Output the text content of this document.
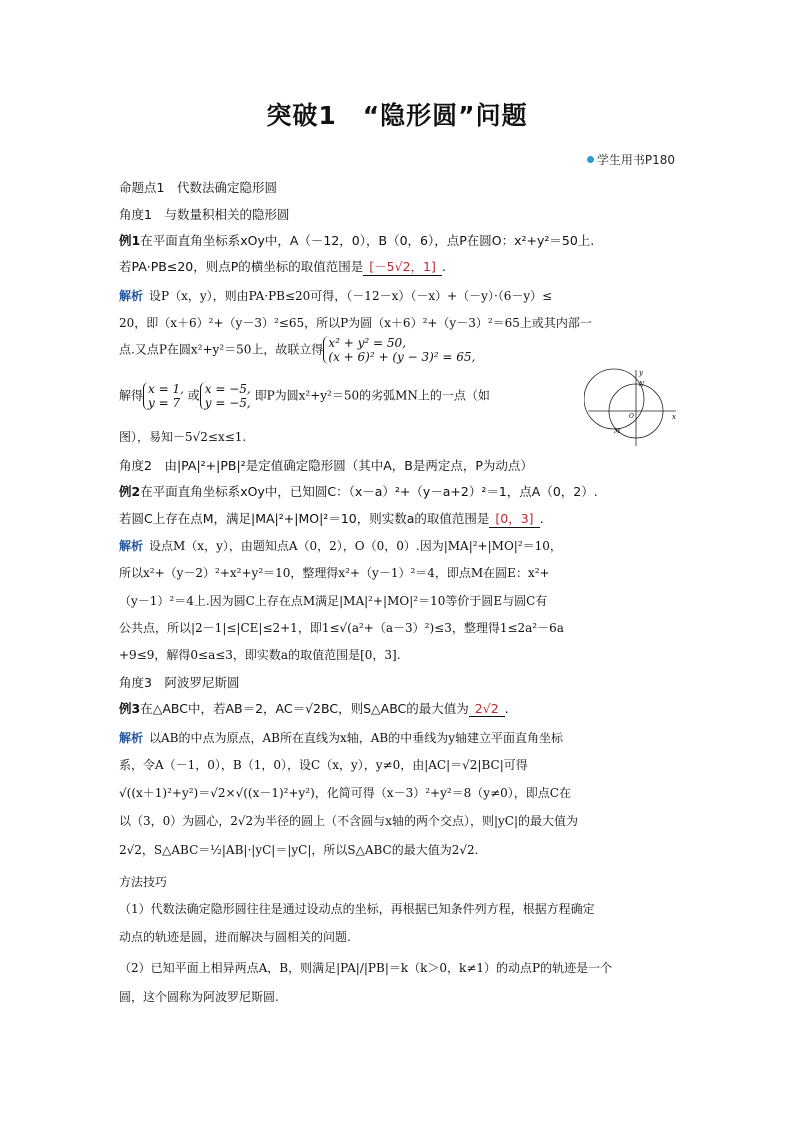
突破1　“隐形圆”问题
学生用书P180
命题点1　代数法确定隐形圆
角度1　与数量积相关的隐形圆
例1在平面直角坐标系xOy中，A（－12，0），B（0，6），点P在圆O：x²+y²＝50上.
若PA·PB≤20，则点P的横坐标的取值范围是 [－5√2，1] .
解析 设P（x，y），则由PA·PB≤20可得，（－12－x）（－x）+（－y）·（6－y）≤
20，即（x＋6）²+（y－3）²≤65，所以P为圆（x＋6）²+（y－3）²＝65上或其内部一
点.又点P在圆x²+y²＝50上，故联立得 x² + y² = 50,
(x + 6)² + (y − 3)² = 65,
解得 x = 1,
y = 7 或 x = −5,
y = −5, 即P为圆x²+y²＝50的劣弧MN上的一点（如
图），易知－5√2≤x≤1.
y
x
N
O
M
角度2　由|PA|²+|PB|²是定值确定隐形圆（其中A，B是两定点，P为动点）
例2在平面直角坐标系xOy中，已知圆C：（x－a）²+（y－a+2）²＝1，点A（0，2）.
若圆C上存在点M，满足|MA|²+|MO|²＝10，则实数a的取值范围是 [0，3] .
解析 设点M（x，y），由题知点A（0，2），O（0，0）.因为|MA|²+|MO|²＝10，
所以x²+（y－2）²+x²+y²＝10，整理得x²+（y－1）²＝4，即点M在圆E：x²+
（y－1）²＝4上.因为圆C上存在点M满足|MA|²+|MO|²＝10等价于圆E与圆C有
公共点，所以|2－1|≤|CE|≤2+1，即1≤√(a²+（a－3）²)≤3，整理得1≤2a²－6a
+9≤9，解得0≤a≤3，即实数a的取值范围是[0，3].
角度3　阿波罗尼斯圆
例3在△ABC中，若AB＝2，AC＝√2BC，则S△ABC的最大值为 2√2 .
解析 以AB的中点为原点，AB所在直线为x轴，AB的中垂线为y轴建立平面直角坐标
系，令A（－1，0），B（1，0），设C（x，y），y≠0，由|AC|＝√2|BC|可得
√((x＋1)²+y²)＝√2×√((x－1)²+y²)，化简可得（x－3）²+y²＝8（y≠0），即点C在
以（3，0）为圆心，2√2为半径的圆上（不含圆与x轴的两个交点），则|yC|的最大值为
2√2，S△ABC＝½|AB|·|yC|＝|yC|，所以S△ABC的最大值为2√2.
方法技巧
（1）代数法确定隐形圆往往是通过设动点的坐标，再根据已知条件列方程，根据方程确定
动点的轨迹是圆，进而解决与圆相关的问题.
（2）已知平面上相异两点A，B，则满足|PA|/|PB|＝k（k＞0，k≠1）的动点P的轨迹是一个
圆，这个圆称为阿波罗尼斯圆.
